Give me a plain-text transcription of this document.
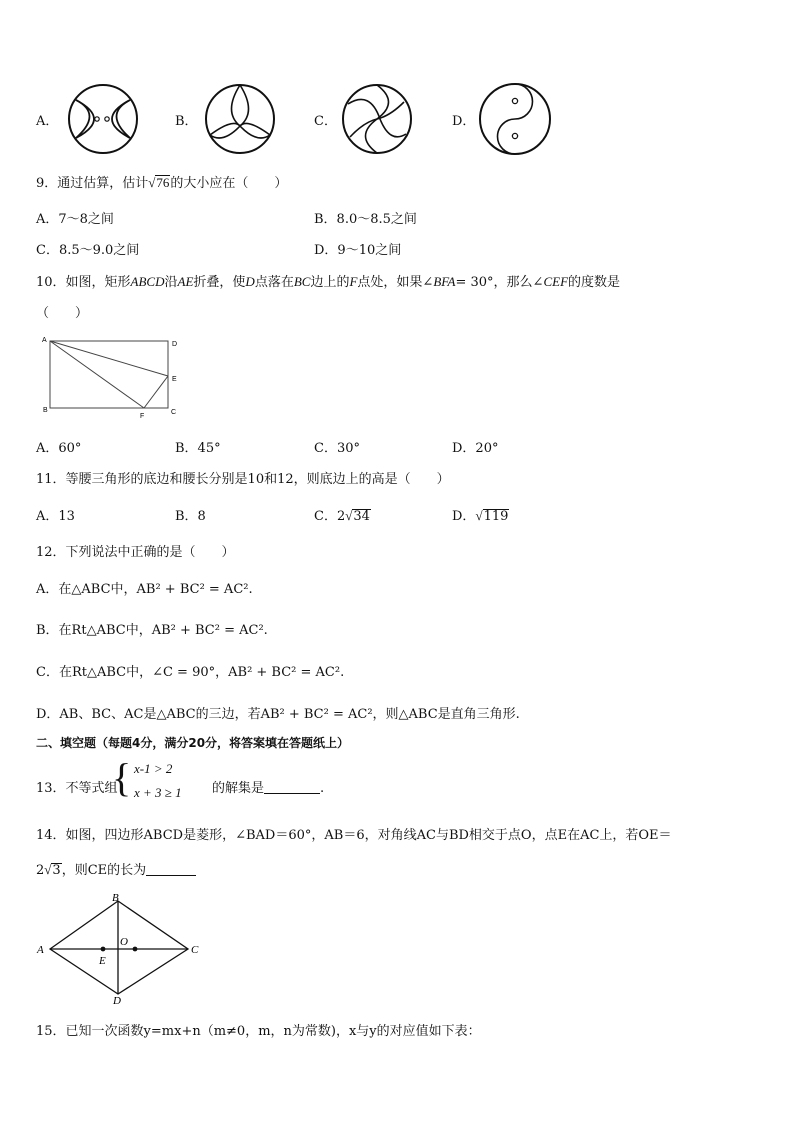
A．	B．	C．	D．
9．通过估算，估计√76的大小应在（　　）
A．7～8之间	B．8.0～8.5之间
C．8.5～9.0之间	D．9～10之间
10．如图，矩形ABCD沿AE折叠，使D点落在BC边上的F点处，如果∠BFA= 30°，那么∠CEF的度数是
（　　）
A
D
E
B
F
C
A．60°	B．45°	C．30°	D．20°
11．等腰三角形的底边和腰长分别是10和12，则底边上的高是（　　）
A．13	B．8	C．2√34	D．√119
12．下列说法中正确的是（　　）
A．在△ABC中，AB² + BC² = AC².
B．在Rt△ABC中，AB² + BC² = AC².
C．在Rt△ABC中，∠C = 90°，AB² + BC² = AC².
D．AB、BC、AC是△ABC的三边，若AB² + BC² = AC²，则△ABC是直角三角形.
二、填空题（每题4分，满分20分，将答案填在答题纸上）
13．不等式组
{ x-1 > 2
x + 3 ≥ 1 的解集是	.
14．如图，四边形ABCD是菱形，∠BAD＝60°，AB＝6，对角线AC与BD相交于点O，点E在AC上，若OE＝
2√3，则CE的长为
B
A
O
C
E
D
15．已知一次函数y=mx+n（m≠0，m，n为常数)，x与y的对应值如下表：
